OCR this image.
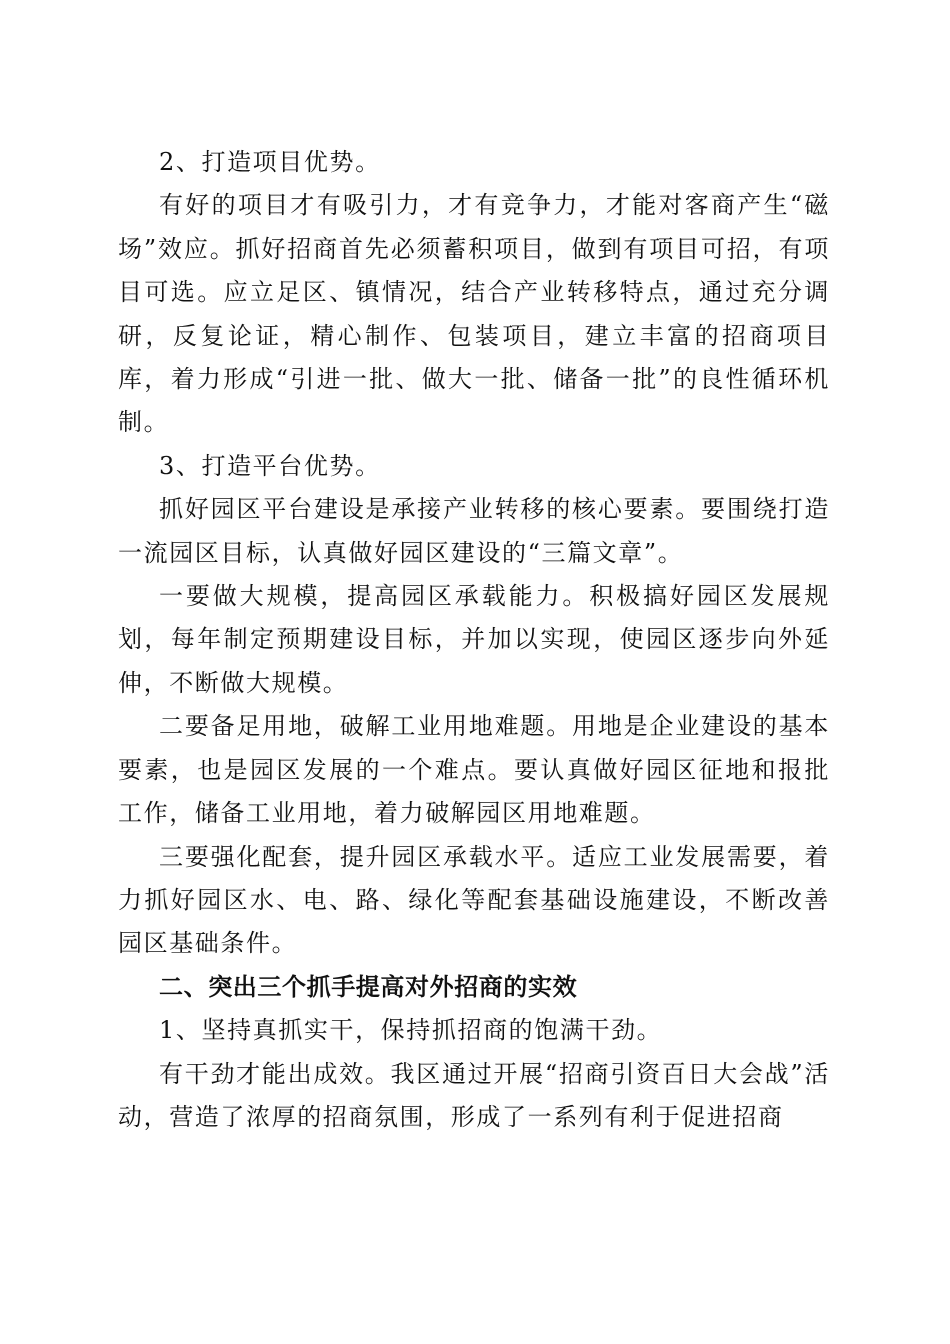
2、打造项目优势。

有好的项目才有吸引力，才有竞争力，才能对客商产生“磁场”效应。抓好招商首先必须蓄积项目，做到有项目可招，有项目可选。应立足区、镇情况，结合产业转移特点，通过充分调研，反复论证，精心制作、包装项目，建立丰富的招商项目库，着力形成“引进一批、做大一批、储备一批”的良性循环机制。

3、打造平台优势。

抓好园区平台建设是承接产业转移的核心要素。要围绕打造一流园区目标，认真做好园区建设的“三篇文章”。

一要做大规模，提高园区承载能力。积极搞好园区发展规划，每年制定预期建设目标，并加以实现，使园区逐步向外延伸，不断做大规模。

二要备足用地，破解工业用地难题。用地是企业建设的基本要素，也是园区发展的一个难点。要认真做好园区征地和报批工作，储备工业用地，着力破解园区用地难题。

三要强化配套，提升园区承载水平。适应工业发展需要，着力抓好园区水、电、路、绿化等配套基础设施建设，不断改善园区基础条件。

二、突出三个抓手提高对外招商的实效

1、坚持真抓实干，保持抓招商的饱满干劲。

有干劲才能出成效。我区通过开展“招商引资百日大会战”活动，营造了浓厚的招商氛围，形成了一系列有利于促进招商
